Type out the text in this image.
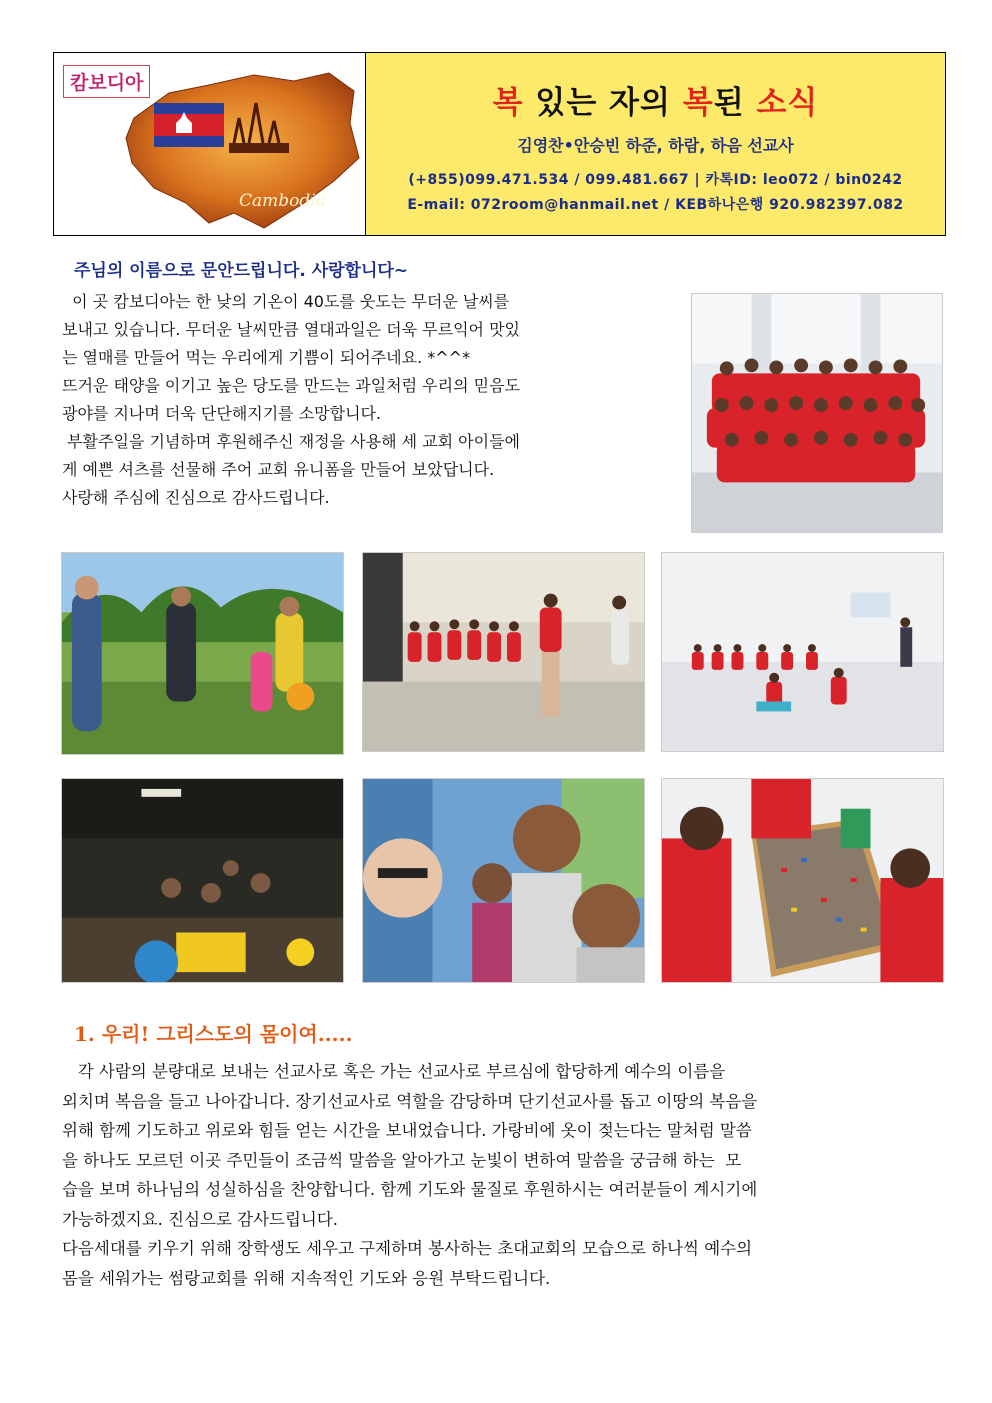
캄보디아
Cambodia
복 있는 자의 복된 소식
김영찬•안승빈 하준, 하람, 하음 선교사
(+855)099.471.534 / 099.481.667 | 카톡ID: leo072 / bin0242
E-mail: 072room@hanmail.net / KEB하나은행 920.982397.082
주님의 이름으로 문안드립니다. 사랑합니다~
이 곳 캄보디아는 한 낮의 기온이 40도를 웃도는 무더운 날씨를
보내고 있습니다. 무더운 날씨만큼 열대과일은 더욱 무르익어 맛있
는 열매를 만들어 먹는 우리에게 기쁨이 되어주네요. *^^*
뜨거운 태양을 이기고 높은 당도를 만드는 과일처럼 우리의 믿음도
광야를 지나며 더욱 단단해지기를 소망합니다.
부활주일을 기념하며 후원해주신 재정을 사용해 세 교회 아이들에
게 예쁜 셔츠를 선물해 주어 교회 유니폼을 만들어 보았답니다.
사랑해 주심에 진심으로 감사드립니다.
1. 우리! 그리스도의 몸이여.....
각 사람의 분량대로 보내는 선교사로 혹은 가는 선교사로 부르심에 합당하게 예수의 이름을
외치며 복음을 들고 나아갑니다. 장기선교사로 역할을 감당하며 단기선교사를 돕고 이땅의 복음을
위해 함께 기도하고 위로와 힘들 얻는 시간을 보내었습니다. 가랑비에 옷이 젖는다는 말처럼 말씀
을 하나도 모르던 이곳 주민들이 조금씩 말씀을 알아가고 눈빛이 변하여 말씀을 궁금해 하는  모
습을 보며 하나님의 성실하심을 찬양합니다. 함께 기도와 물질로 후원하시는 여러분들이 계시기에
가능하겠지요. 진심으로 감사드립니다.
다음세대를 키우기 위해 장학생도 세우고 구제하며 봉사하는 초대교회의 모습으로 하나씩 예수의
몸을 세워가는 썸랑교회를 위해 지속적인 기도와 응원 부탁드립니다.
